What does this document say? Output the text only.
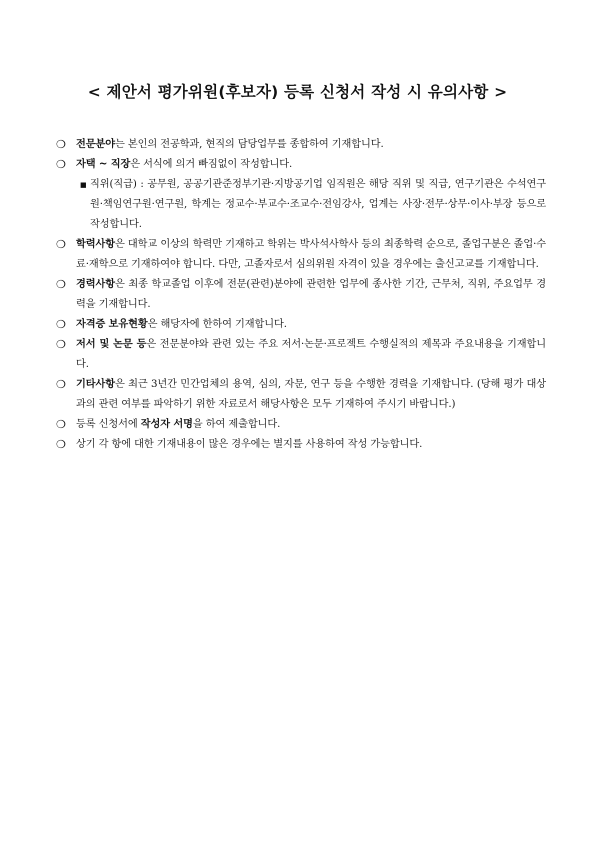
< 제안서 평가위원(후보자) 등록 신청서 작성 시 유의사항 >
❍ 전문분야는 본인의 전공학과, 현직의 담당업무를 종합하여 기재합니다.
❍ 자택 ~ 직장은 서식에 의거 빠짐없이 작성합니다.
■ 직위(직급) : 공무원, 공공기관준정부기관·지방공기업 임직원은 해당 직위 및 직급, 연구기관은 수석연구원·책임연구원·연구원, 학계는 정교수·부교수·조교수·전임강사, 업계는 사장·전무·상무·이사·부장 등으로 작성합니다.
❍ 학력사항은 대학교 이상의 학력만 기재하고 학위는 박사석사학사 등의 최종학력 순으로, 졸업구분은 졸업·수료·재학으로 기재하여야 합니다. 다만, 고졸자로서 심의위원 자격이 있을 경우에는 출신고교를 기재합니다.
❍ 경력사항은 최종 학교졸업 이후에 전문(관련)분야에 관련한 업무에 종사한 기간, 근무처, 직위, 주요업무 경력을 기재합니다.
❍ 자격증 보유현황은 해당자에 한하여 기재합니다.
❍ 저서 및 논문 등은 전문분야와 관련 있는 주요 저서·논문·프로젝트 수행실적의 제목과 주요내용을 기재합니다.
❍ 기타사항은 최근 3년간 민간업체의 용역, 심의, 자문, 연구 등을 수행한 경력을 기재합니다. (당해 평가 대상과의 관련 여부를 파악하기 위한 자료로서 해당사항은 모두 기재하여 주시기 바랍니다.)
❍ 등록 신청서에 작성자 서명을 하여 제출합니다.
❍ 상기 각 항에 대한 기재내용이 많은 경우에는 별지를 사용하여 작성 가능합니다.
